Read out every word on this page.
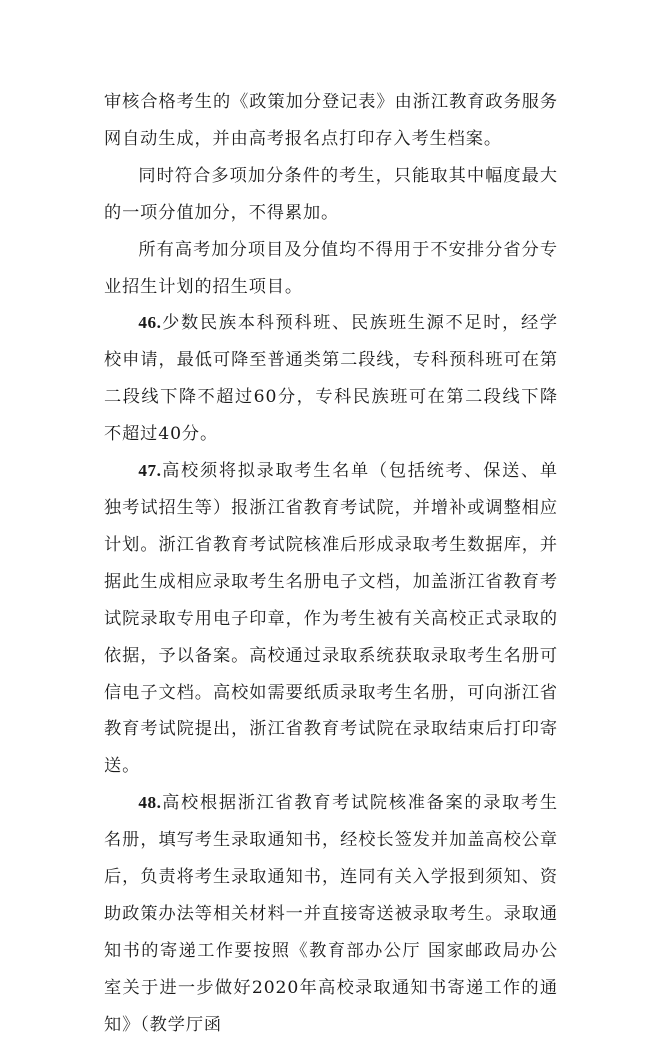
审核合格考生的《政策加分登记表》由浙江教育政务服务网自动生成，并由高考报名点打印存入考生档案。

同时符合多项加分条件的考生，只能取其中幅度最大的一项分值加分，不得累加。

所有高考加分项目及分值均不得用于不安排分省分专业招生计划的招生项目。

46.少数民族本科预科班、民族班生源不足时，经学校申请，最低可降至普通类第二段线，专科预科班可在第二段线下降不超过60分，专科民族班可在第二段线下降不超过40分。

47.高校须将拟录取考生名单（包括统考、保送、单独考试招生等）报浙江省教育考试院，并增补或调整相应计划。浙江省教育考试院核准后形成录取考生数据库，并据此生成相应录取考生名册电子文档，加盖浙江省教育考试院录取专用电子印章，作为考生被有关高校正式录取的依据，予以备案。高校通过录取系统获取录取考生名册可信电子文档。高校如需要纸质录取考生名册，可向浙江省教育考试院提出，浙江省教育考试院在录取结束后打印寄送。

48.高校根据浙江省教育考试院核准备案的录取考生名册，填写考生录取通知书，经校长签发并加盖高校公章后，负责将考生录取通知书，连同有关入学报到须知、资助政策办法等相关材料一并直接寄送被录取考生。录取通知书的寄递工作要按照《教育部办公厅 国家邮政局办公室关于进一步做好2020年高校录取通知书寄递工作的通知》（教学厅函
